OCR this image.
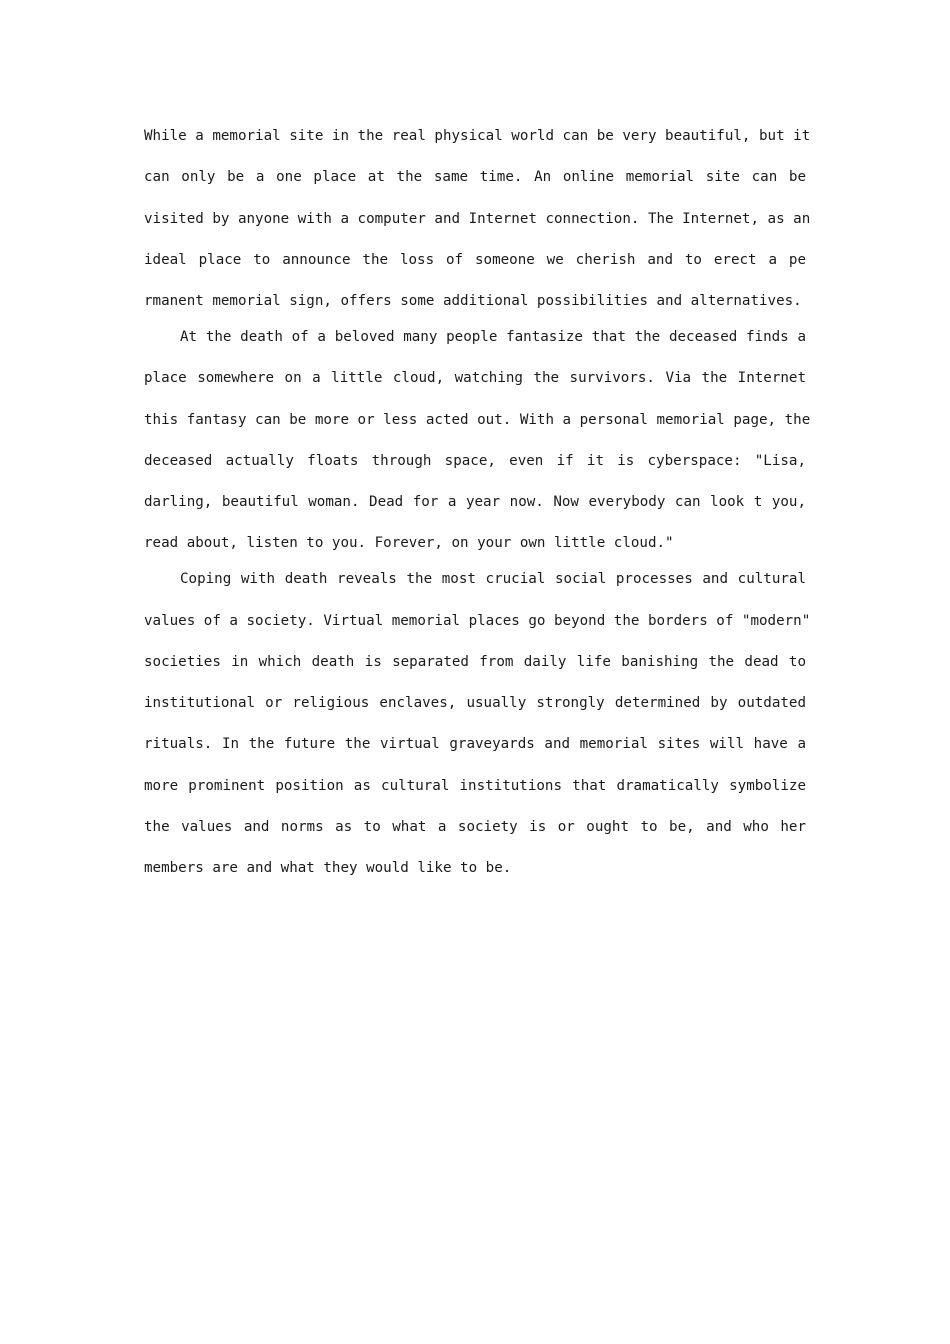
While a memorial site in the real physical world can be very beautiful, but it
can only be a one place at the same time. An online memorial site can be
visited by anyone with a computer and Internet connection. The Internet, as an
ideal place to announce the loss of someone we cherish and to erect a pe
rmanent memorial sign, offers some additional possibilities and alternatives.
At the death of a beloved many people fantasize that the deceased finds a
place somewhere on a little cloud, watching the survivors. Via the Internet
this fantasy can be more or less acted out. With a personal memorial page, the
deceased actually floats through space, even if it is cyberspace: "Lisa,
darling, beautiful woman. Dead for a year now. Now everybody can look t you,
read about, listen to you. Forever, on your own little cloud."
Coping with death reveals the most crucial social processes and cultural
values of a society. Virtual memorial places go beyond the borders of "modern"
societies in which death is separated from daily life banishing the dead to
institutional or religious enclaves, usually strongly determined by outdated
rituals. In the future the virtual graveyards and memorial sites will have a
more prominent position as cultural institutions that dramatically symbolize
the values and norms as to what a society is or ought to be, and who her
members are and what they would like to be.
